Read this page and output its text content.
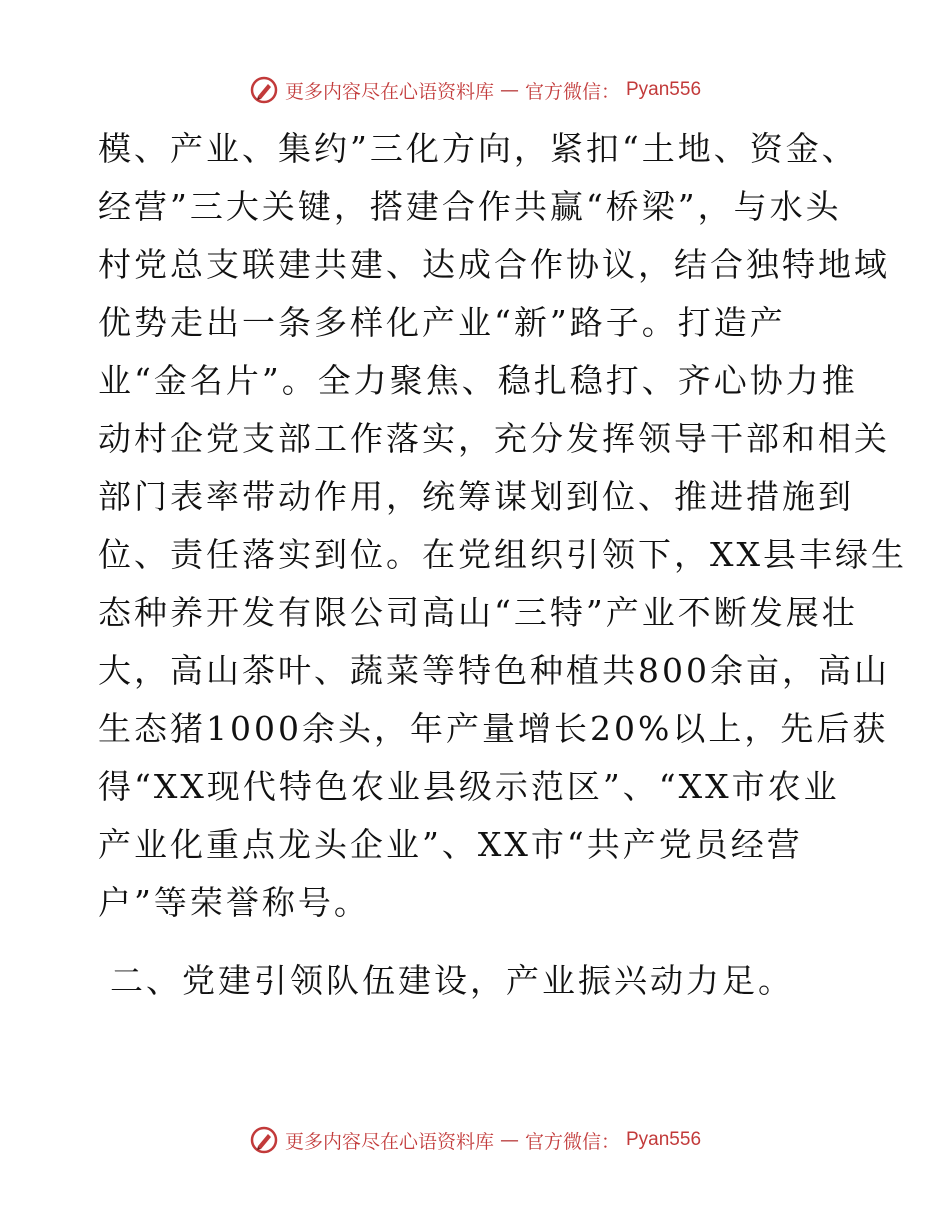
更多内容尽在心语资料库 — 官方微信： Pyan556
模、产业、集约”三化方向，紧扣“土地、资金、
经营”三大关键，搭建合作共赢“桥梁”，与水头
村党总支联建共建、达成合作协议，结合独特地域
优势走出一条多样化产业“新”路子。打造产
业“金名片”。全力聚焦、稳扎稳打、齐心协力推
动村企党支部工作落实，充分发挥领导干部和相关
部门表率带动作用，统筹谋划到位、推进措施到
位、责任落实到位。在党组织引领下，XX县丰绿生
态种养开发有限公司高山“三特”产业不断发展壮
大，高山茶叶、蔬菜等特色种植共800余亩，高山
生态猪1000余头，年产量增长20%以上，先后获
得“XX现代特色农业县级示范区”、“XX市农业
产业化重点龙头企业”、XX市“共产党员经营
户”等荣誉称号。
二、党建引领队伍建设，产业振兴动力足。
更多内容尽在心语资料库 — 官方微信： Pyan556
